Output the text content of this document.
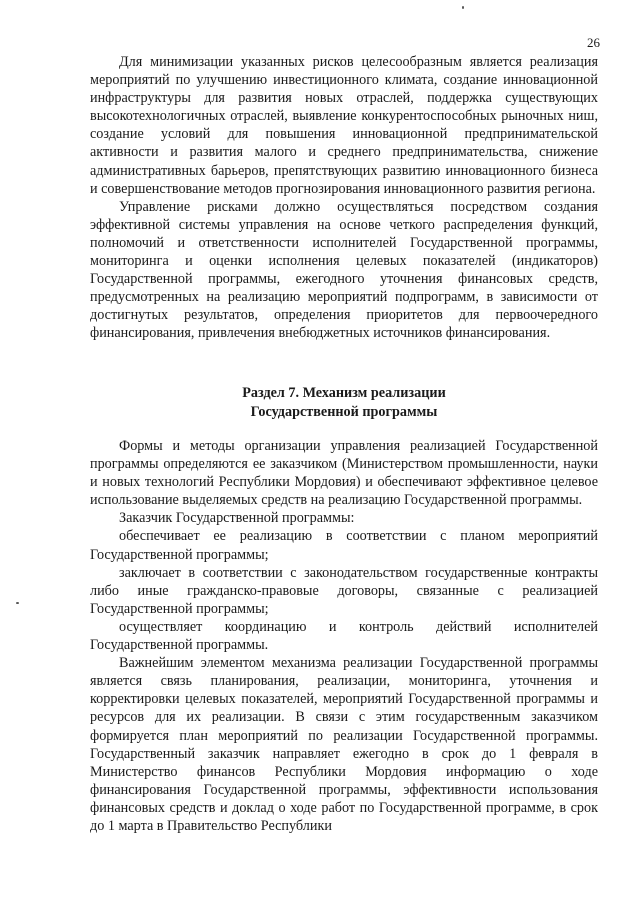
26

Для минимизации указанных рисков целесообразным является реализация мероприятий по улучшению инвестиционного климата, создание инновационной инфраструктуры для развития новых отраслей, поддержка существующих высокотехнологичных отраслей, выявление конкурентоспособных рыночных ниш, создание условий для повышения инновационной предпринимательской активности и развития малого и среднего предпринимательства, снижение административных барьеров, препятствующих развитию инновационного бизнеса и совершенствование методов прогнозирования инновационного развития региона.

Управление рисками должно осуществляться посредством создания эффективной системы управления на основе четкого распределения функций, полномочий и ответственности исполнителей Государственной программы, мониторинга и оценки исполнения целевых показателей (индикаторов) Государственной программы, ежегодного уточнения финансовых средств, предусмотренных на реализацию мероприятий подпрограмм, в зависимости от достигнутых результатов, определения приоритетов для первоочередного финансирования, привлечения внебюджетных источников финансирования.

Раздел 7. Механизм реализации
Государственной программы

Формы и методы организации управления реализацией Государственной программы определяются ее заказчиком (Министерством промышленности, науки и новых технологий Республики Мордовия) и обеспечивают эффективное целевое использование выделяемых средств на реализацию Государственной программы.

Заказчик Государственной программы:

обеспечивает ее реализацию в соответствии с планом мероприятий Государственной программы;

заключает в соответствии с законодательством государственные контракты либо иные гражданско-правовые договоры, связанные с реализацией Государственной программы;

осуществляет координацию и контроль действий исполнителей Государственной программы.

Важнейшим элементом механизма реализации Государственной программы является связь планирования, реализации, мониторинга, уточнения и корректировки целевых показателей, мероприятий Государственной программы и ресурсов для их реализации. В связи с этим государственным заказчиком формируется план мероприятий по реализации Государственной программы. Государственный заказчик направляет ежегодно в срок до 1 февраля в Министерство финансов Республики Мордовия информацию о ходе финансирования Государственной программы, эффективности использования финансовых средств и доклад о ходе работ по Государственной программе, в срок до 1 марта в Правительство Республики
